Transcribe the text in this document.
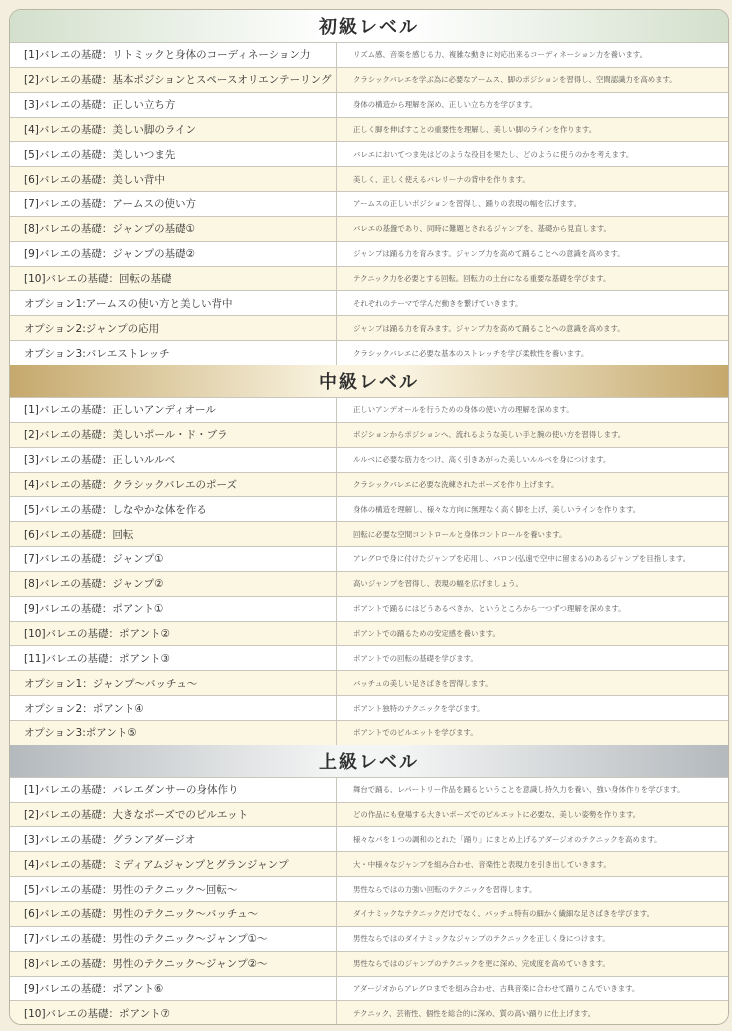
初級レベル
[1]バレエの基礎：リトミックと身体のコーディネーション力	リズム感、音楽を感じる力、複雑な動きに対応出来るコーディネーション力を養います。
[2]バレエの基礎：基本ポジションとスペースオリエンテーリング	クラシックバレエを学ぶ為に必要なアームス、脚のポジションを習得し、空間認識力を高めます。
[3]バレエの基礎：正しい立ち方	身体の構造から理解を深め、正しい立ち方を学びます。
[4]バレエの基礎：美しい脚のライン	正しく脚を伸ばすことの重要性を理解し、美しい脚のラインを作ります。
[5]バレエの基礎：美しいつま先	バレエにおいてつま先はどのような役目を果たし、どのように使うのかを考えます。
[6]バレエの基礎：美しい背中	美しく、正しく使えるバレリーナの背中を作ります。
[7]バレエの基礎：アームスの使い方	アームスの正しいポジションを習得し、踊りの表現の幅を広げます。
[8]バレエの基礎：ジャンプの基礎①	バレエの基盤であり、同時に難題とされるジャンプを、基礎から見直します。
[9]バレエの基礎：ジャンプの基礎②	ジャンプは踊る力を育みます。ジャンプ力を高めて踊ることへの意識を高めます。
[10]バレエの基礎：回転の基礎	テクニック力を必要とする回転。回転力の土台になる重要な基礎を学びます。
オプション1:アームスの使い方と美しい背中	それぞれのテーマで学んだ動きを繋げていきます。
オプション2:ジャンプの応用	ジャンプは踊る力を育みます。ジャンプ力を高めて踊ることへの意識を高めます。
オプション3:バレエストレッチ	クラシックバレエに必要な基本のストレッチを学び柔軟性を養います。
中級レベル
[1]バレエの基礎：正しいアンディオール	正しいアンデオールを行うための身体の使い方の理解を深めます。
[2]バレエの基礎：美しいポール・ド・ブラ	ポジションからポジションへ、流れるような美しい手と腕の使い方を習得します。
[3]バレエの基礎：正しいルルベ	ルルベに必要な筋力をつけ、高く引きあがった美しいルルベを身につけます。
[4]バレエの基礎：クラシックバレエのポーズ	クラシックバレエに必要な洗練されたポーズを作り上げます。
[5]バレエの基礎：しなやかな体を作る	身体の構造を理解し、様々な方向に無理なく高く脚を上げ、美しいラインを作ります。
[6]バレエの基礎：回転	回転に必要な空間コントロールと身体コントロールを養います。
[7]バレエの基礎：ジャンプ①	アレグロで身に付けたジャンプを応用し、バロン(弘遠で空中に留まる)のあるジャンプを目指します。
[8]バレエの基礎：ジャンプ②	高いジャンプを習得し、表現の幅を広げましょう。
[9]バレエの基礎：ポアント①	ポアントで踊るにはどうあるべきか、というところから一つずつ理解を深めます。
[10]バレエの基礎：ポアント②	ポアントでの踊るための安定感を養います。
[11]バレエの基礎：ポアント③	ポアントでの回転の基礎を学びます。
オプション1：ジャンプ〜バッチュ〜	バッチュの美しい足さばきを習得します。
オプション2：ポアント④	ポアント独特のテクニックを学びます。
オプション3:ポアント⑤	ポアントでのピルエットを学びます。
上級レベル
[1]バレエの基礎：バレエダンサーの身体作り	舞台で踊る、レパートリー作品を踊るということを意識し持久力を養い、強い身体作りを学びます。
[2]バレエの基礎：大きなポーズでのピルエット	どの作品にも登場する大きいポーズでのピルエットに必要な、美しい姿勢を作ります。
[3]バレエの基礎：グランアダージオ	様々なパを１つの調和のとれた「踊り」にまとめ上げるアダージオのテクニックを高めます。
[4]バレエの基礎：ミディアムジャンプとグランジャンプ	大・中様々なジャンプを組み合わせ、音楽性と表現力を引き出していきます。
[5]バレエの基礎：男性のテクニック〜回転〜	男性ならではの力強い回転のテクニックを習得します。
[6]バレエの基礎：男性のテクニック〜バッチュ〜	ダイナミックなテクニックだけでなく、バッチュ特有の細かく繊細な足さばきを学びます。
[7]バレエの基礎：男性のテクニック〜ジャンプ①〜	男性ならではのダイナミックなジャンプのテクニックを正しく身につけます。
[8]バレエの基礎：男性のテクニック〜ジャンプ②〜	男性ならではのジャンプのテクニックを更に深め、完成度を高めていきます。
[9]バレエの基礎：ポアント⑥	アダージオからアレグロまでを組み合わせ、古典音楽に合わせて踊りこんでいきます。
[10]バレエの基礎：ポアント⑦	テクニック、芸術性、個性を総合的に深め、質の高い踊りに仕上げます。
